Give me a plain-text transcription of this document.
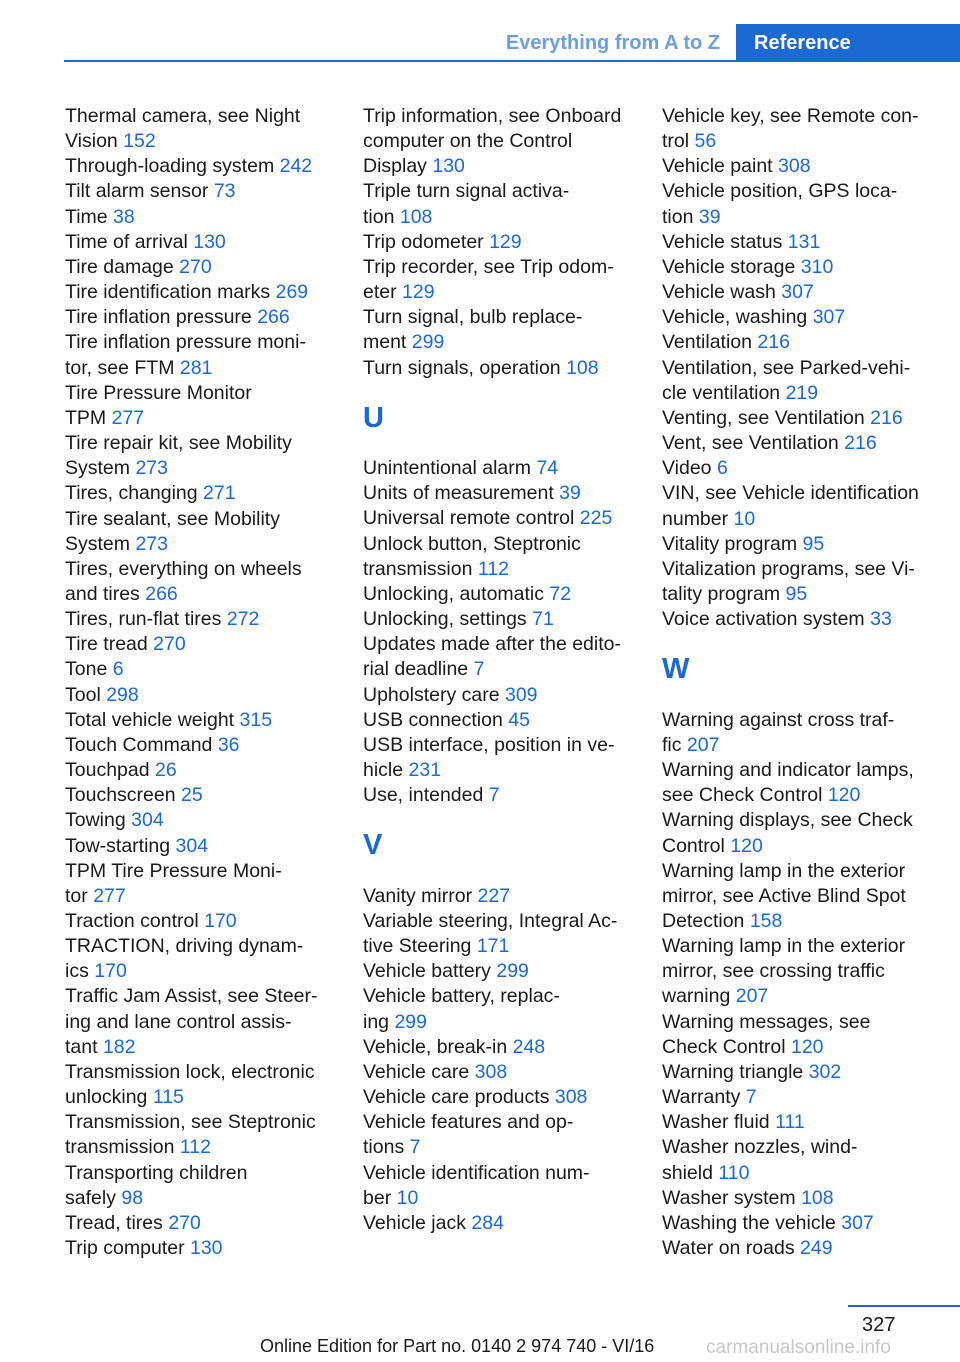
Everything from A to Z	Reference
Thermal camera, see Night
Vision 152
Through-loading system 242
Tilt alarm sensor 73
Time 38
Time of arrival 130
Tire damage 270
Tire identification marks 269
Tire inflation pressure 266
Tire inflation pressure moni-
tor, see FTM 281
Tire Pressure Monitor
TPM 277
Tire repair kit, see Mobility
System 273
Tires, changing 271
Tire sealant, see Mobility
System 273
Tires, everything on wheels
and tires 266
Tires, run-flat tires 272
Tire tread 270
Tone 6
Tool 298
Total vehicle weight 315
Touch Command 36
Touchpad 26
Touchscreen 25
Towing 304
Tow-starting 304
TPM Tire Pressure Moni-
tor 277
Traction control 170
TRACTION, driving dynam-
ics 170
Traffic Jam Assist, see Steer-
ing and lane control assis-
tant 182
Transmission lock, electronic
unlocking 115
Transmission, see Steptronic
transmission 112
Transporting children
safely 98
Tread, tires 270
Trip computer 130
Trip information, see Onboard
computer on the Control
Display 130
Triple turn signal activa-
tion 108
Trip odometer 129
Trip recorder, see Trip odom-
eter 129
Turn signal, bulb replace-
ment 299
Turn signals, operation 108
U
Unintentional alarm 74
Units of measurement 39
Universal remote control 225
Unlock button, Steptronic
transmission 112
Unlocking, automatic 72
Unlocking, settings 71
Updates made after the edito-
rial deadline 7
Upholstery care 309
USB connection 45
USB interface, position in ve-
hicle 231
Use, intended 7
V
Vanity mirror 227
Variable steering, Integral Ac-
tive Steering 171
Vehicle battery 299
Vehicle battery, replac-
ing 299
Vehicle, break-in 248
Vehicle care 308
Vehicle care products 308
Vehicle features and op-
tions 7
Vehicle identification num-
ber 10
Vehicle jack 284
Vehicle key, see Remote con-
trol 56
Vehicle paint 308
Vehicle position, GPS loca-
tion 39
Vehicle status 131
Vehicle storage 310
Vehicle wash 307
Vehicle, washing 307
Ventilation 216
Ventilation, see Parked-vehi-
cle ventilation 219
Venting, see Ventilation 216
Vent, see Ventilation 216
Video 6
VIN, see Vehicle identification
number 10
Vitality program 95
Vitalization programs, see Vi-
tality program 95
Voice activation system 33
W
Warning against cross traf-
fic 207
Warning and indicator lamps,
see Check Control 120
Warning displays, see Check
Control 120
Warning lamp in the exterior
mirror, see Active Blind Spot
Detection 158
Warning lamp in the exterior
mirror, see crossing traffic
warning 207
Warning messages, see
Check Control 120
Warning triangle 302
Warranty 7
Washer fluid 111
Washer nozzles, wind-
shield 110
Washer system 108
Washing the vehicle 307
Water on roads 249
327
Online Edition for Part no. 0140 2 974 740 - VI/16	carmanualsonline.info
